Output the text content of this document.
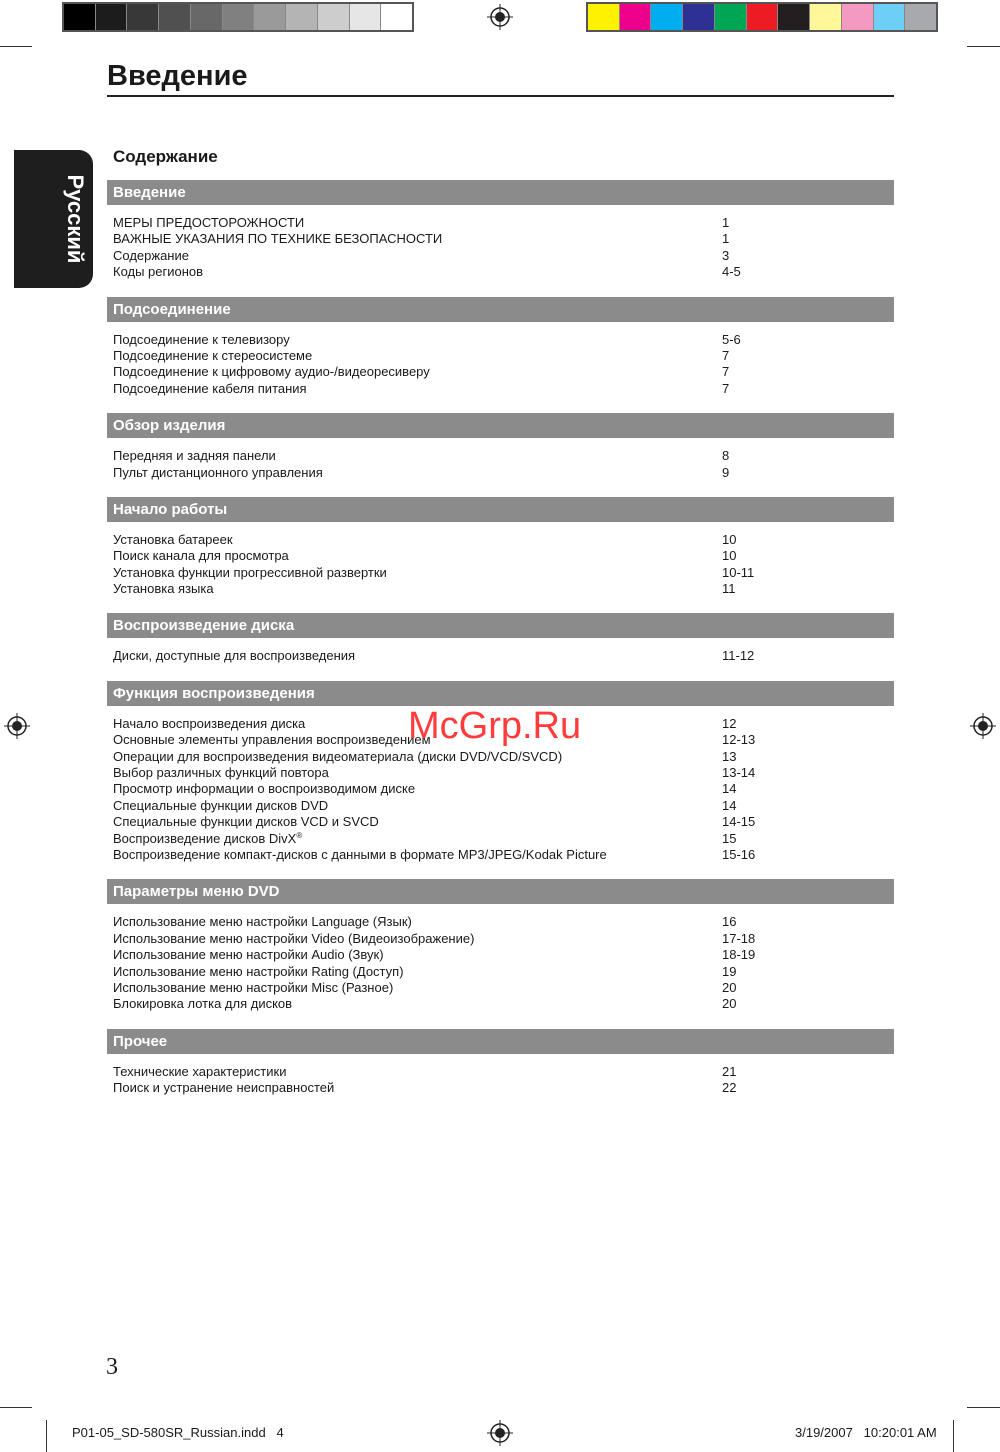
Введение
Русский
Содержание
Введение
МЕРЫ ПРЕДОСТОРОЖНОСТИ	1
ВАЖНЫЕ УКАЗАНИЯ ПО ТЕХНИКЕ БЕЗОПАСНОСТИ	1
Содержание	3
Коды регионов	4-5
Подсоединение
Подсоединение к телевизору	5-6
Подсоединение к стереосистеме	7
Подсоединение к цифровому аудио-/видеоресиверу	7
Подсоединение кабеля питания	7
Обзор изделия
Передняя и задняя панели	8
Пульт дистанционного управления	9
Начало работы
Установка батареек	10
Поиск канала для просмотра	10
Установка функции прогрессивной развертки	10-11
Установка языка	11
Воспроизведение диска
Диски, доступные для воспроизведения	11-12
Функция воспроизведения
Начало воспроизведения диска	12
Основные элементы управления воспроизведением	12-13
Операции для воспроизведения видеоматериала (диски DVD/VCD/SVCD)	13
Выбор различных функций повтора	13-14
Просмотр информации о воспроизводимом диске	14
Специальные функции дисков DVD	14
Специальные функции дисков VCD и SVCD	14-15
Воспроизведение дисков DivX®	15
Воспроизведение компакт-дисков с данными в формате MP3/JPEG/Kodak Picture	15-16
Параметры меню DVD
Использование меню настройки Language (Язык)	16
Использование меню настройки Video (Видеоизображение)	17-18
Использование меню настройки Audio (Звук)	18-19
Использование меню настройки Rating (Доступ)	19
Использование меню настройки Misc (Разное)	20
Блокировка лотка для дисков	20
Прочее
Технические характеристики	21
Поиск и устранение неисправностей	22
McGrp.Ru
3
P01-05_SD-580SR_Russian.indd   4	3/19/2007   10:20:01 AM
